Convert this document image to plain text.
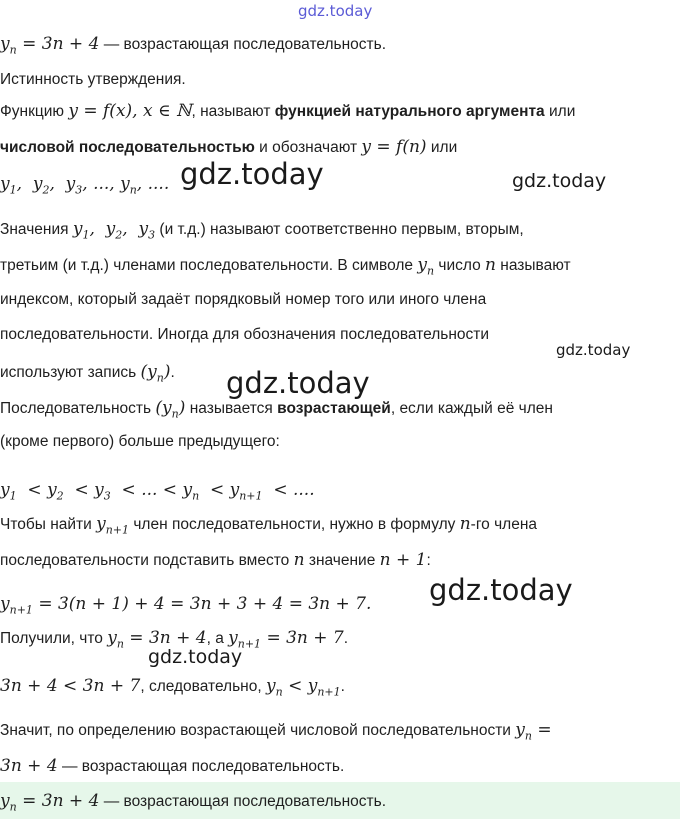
gdz.today
$y_n = 3n + 4$ — возрастающая последовательность.
Истинность утверждения.
Функцию y = f(x), x ∈ ℕ, называют функцией натурального аргумента или
числовой последовательностью и обозначают y = f(n) или
$y_1$,  $y_2$,  $y_3$, ..., $y_n$, .... gdz.today	gdz.today
Значения $y_1$,  $y_2$,  $y_3$ (и т.д.) называют соответственно первым, вторым,
третьим (и т.д.) членами последовательности. В символе $y_n$ число n называют
индексом, который задаёт порядковый номер того или иного члена
последовательности. Иногда для обозначения последовательности
используют запись $(y_n)$.
gdz.today
gdz.today
Последовательность $(y_n)$ называется возрастающей, если каждый её член
(кроме первого) больше предыдущего:
$y_1 < y_2 < y_3$  < ... < $y_n < y_{n+1}$  < ....
Чтобы найти $y_{n+1}$ член последовательности, нужно в формулу n-го члена
последовательности подставить вместо n значение n + 1:
$y_{n+1} = 3(n + 1) + 4 = 3n + 3 + 4 = 3n + 7$. gdz.today
Получили, что $y_n = 3n + 4$, а $y_{n+1} = 3n + 7$.
gdz.today
3n + 4 < 3n + 7, следовательно, $y_n < y_{n+1}$.
Значит, по определению возрастающей числовой последовательности $y_n$ =
3n + 4 — возрастающая последовательность.
$y_n = 3n + 4$ — возрастающая последовательность.
